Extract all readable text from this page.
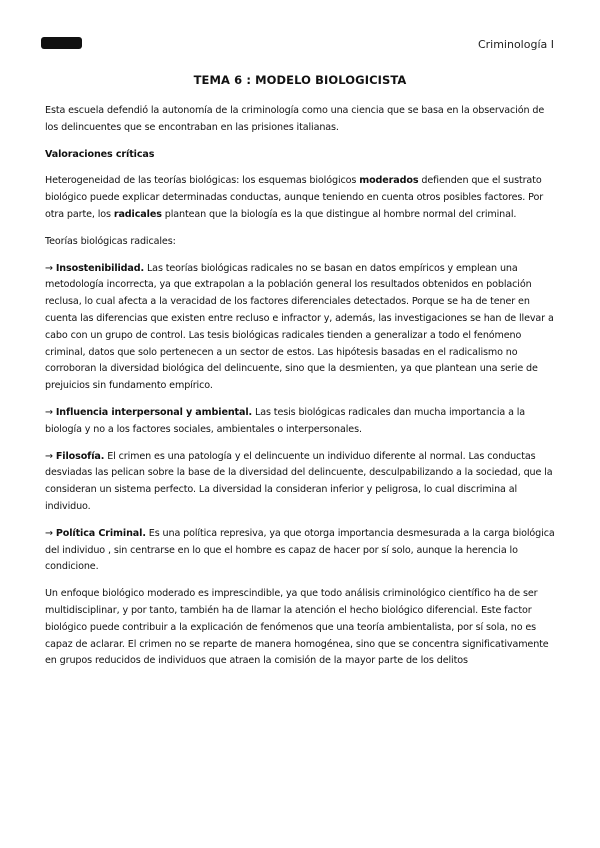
Criminología I
TEMA 6 : MODELO BIOLOGICISTA

Esta escuela defendió la autonomía de la criminología como una ciencia que se basa en la observación de los delincuentes que se encontraban en las prisiones italianas.

Valoraciones críticas

Heterogeneidad de las teorías biológicas: los esquemas biológicos moderados defienden que el sustrato biológico puede explicar determinadas conductas, aunque teniendo en cuenta otros posibles factores. Por otra parte, los radicales plantean que la biología es la que distingue al hombre normal del criminal.

Teorías biológicas radicales:

→ Insostenibilidad. Las teorías biológicas radicales no se basan en datos empíricos y emplean una metodología incorrecta, ya que extrapolan a la población general los resultados obtenidos en población reclusa, lo cual afecta a la veracidad de los factores diferenciales detectados. Porque se ha de tener en cuenta las diferencias que existen entre recluso e infractor y, además, las investigaciones se han de llevar a cabo con un grupo de control. Las tesis biológicas radicales tienden a generalizar a todo el fenómeno criminal, datos que solo pertenecen a un sector de estos. Las hipótesis basadas en el radicalismo no corroboran la diversidad biológica del delincuente, sino que la desmienten, ya que plantean una serie de prejuicios sin fundamento empírico.

→ Influencia interpersonal y ambiental. Las tesis biológicas radicales dan mucha importancia a la biología y no a los factores sociales, ambientales o interpersonales.

→ Filosofía. El crimen es una patología y el delincuente un individuo diferente al normal. Las conductas desviadas las pelican sobre la base de la diversidad del delincuente, desculpabilizando a la sociedad, que la consideran un sistema perfecto. La diversidad la consideran inferior y peligrosa, lo cual discrimina al individuo.

→ Política Criminal. Es una política represiva, ya que otorga importancia desmesurada a la carga biológica del individuo , sin centrarse en lo que el hombre es capaz de hacer por sí solo, aunque la herencia lo condicione.

Un enfoque biológico moderado es imprescindible, ya que todo análisis criminológico científico ha de ser multidisciplinar, y por tanto, también ha de llamar la atención el hecho biológico diferencial. Este factor biológico puede contribuir a la explicación de fenómenos que una teoría ambientalista, por sí sola, no es capaz de aclarar. El crimen no se reparte de manera homogénea, sino que se concentra significativamente en grupos reducidos de individuos que atraen la comisión de la mayor parte de los delitos
